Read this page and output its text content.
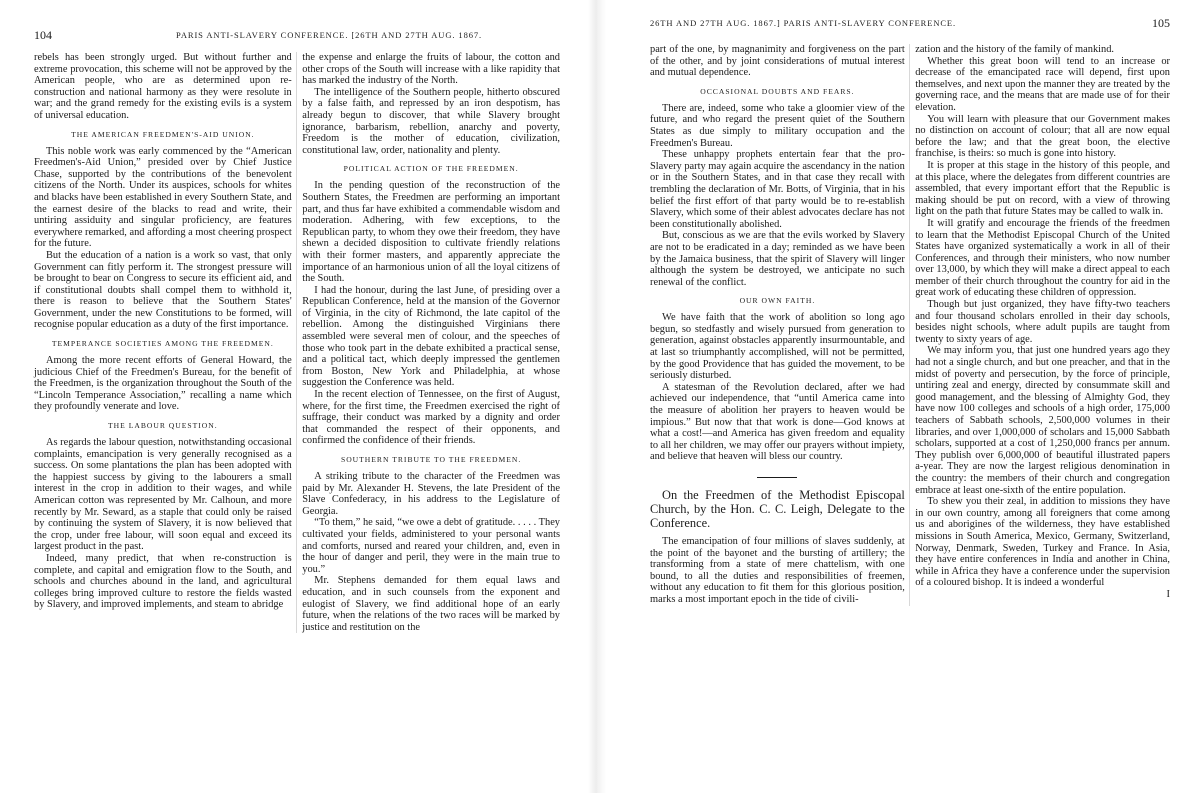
104	PARIS ANTI-SLAVERY CONFERENCE. [26TH AND 27TH AUG. 1867.

rebels has been strongly urged. But without further and extreme provocation, this scheme will not be approved by the American people, who are as determined upon re-construction and national harmony as they were resolute in war; and the grand remedy for the existing evils is a system of universal education.

THE AMERICAN FREEDMEN'S-AID UNION.

This noble work was early commenced by the “American Freedmen's-Aid Union,” presided over by Chief Justice Chase, supported by the contributions of the benevolent citizens of the North. Under its auspices, schools for whites and blacks have been established in every Southern State, and the earnest desire of the blacks to read and write, their untiring assiduity and singular proficiency, are features everywhere remarked, and affording a most cheering prospect for the future.

But the education of a nation is a work so vast, that only Government can fitly perform it. The strongest pressure will be brought to bear on Congress to secure its efficient aid, and if constitutional doubts shall compel them to withhold it, there is reason to believe that the Southern States' Government, under the new Constitutions to be formed, will recognise popular education as a duty of the first importance.

TEMPERANCE SOCIETIES AMONG THE FREEDMEN.

Among the more recent efforts of General Howard, the judicious Chief of the Freedmen's Bureau, for the benefit of the Freedmen, is the organization throughout the South of the “Lincoln Temperance Association,” recalling a name which they profoundly venerate and love.

THE LABOUR QUESTION.

As regards the labour question, notwithstanding occasional complaints, emancipation is very generally recognised as a success. On some plantations the plan has been adopted with the happiest success by giving to the labourers a small interest in the crop in addition to their wages, and while American cotton was represented by Mr. Calhoun, and more recently by Mr. Seward, as a staple that could only be raised by continuing the system of Slavery, it is now believed that the crop, under free labour, will soon equal and exceed its largest product in the past.

Indeed, many predict, that when re-construction is complete, and capital and emigration flow to the South, and schools and churches abound in the land, and agricultural colleges bring improved culture to restore the fields wasted by Slavery, and improved implements, and steam to abridge

the expense and enlarge the fruits of labour, the cotton and other crops of the South will increase with a like rapidity that has marked the industry of the North.

The intelligence of the Southern people, hitherto obscured by a false faith, and repressed by an iron despotism, has already begun to discover, that while Slavery brought ignorance, barbarism, rebellion, anarchy and poverty, Freedom is the mother of education, civilization, constitutional law, order, nationality and plenty.

POLITICAL ACTION OF THE FREEDMEN.

In the pending question of the reconstruction of the Southern States, the Freedmen are performing an important part, and thus far have exhibited a commendable wisdom and moderation. Adhering, with few exceptions, to the Republican party, to whom they owe their freedom, they have shewn a decided disposition to cultivate friendly relations with their former masters, and apparently appreciate the importance of an harmonious union of all the loyal citizens of the South.

I had the honour, during the last June, of presiding over a Republican Conference, held at the mansion of the Governor of Virginia, in the city of Richmond, the late capitol of the rebellion. Among the distinguished Virginians there assembled were several men of colour, and the speeches of those who took part in the debate exhibited a practical sense, and a political tact, which deeply impressed the gentlemen from Boston, New York and Philadelphia, at whose suggestion the Conference was held.

In the recent election of Tennessee, on the first of August, where, for the first time, the Freedmen exercised the right of suffrage, their conduct was marked by a dignity and order that commanded the respect of their opponents, and confirmed the confidence of their friends.

SOUTHERN TRIBUTE TO THE FREEDMEN.

A striking tribute to the character of the Freedmen was paid by Mr. Alexander H. Stevens, the late President of the Slave Confederacy, in his address to the Legislature of Georgia.

“To them,” he said, “we owe a debt of gratitude. . . . . They cultivated your fields, administered to your personal wants and comforts, nursed and reared your children, and, even in the hour of danger and peril, they were in the main true to you.”

Mr. Stephens demanded for them equal laws and education, and in such counsels from the exponent and eulogist of Slavery, we find additional hope of an early future, when the relations of the two races will be marked by justice and restitution on the

26TH AND 27TH AUG. 1867.] PARIS ANTI-SLAVERY CONFERENCE.	105

part of the one, by magnanimity and forgiveness on the part of the other, and by joint considerations of mutual interest and mutual dependence.

OCCASIONAL DOUBTS AND FEARS.

There are, indeed, some who take a gloomier view of the future, and who regard the present quiet of the Southern States as due simply to military occupation and the Freedmen's Bureau.

These unhappy prophets entertain fear that the pro-Slavery party may again acquire the ascendancy in the nation or in the Southern States, and in that case they recall with trembling the declaration of Mr. Botts, of Virginia, that in his belief the first effort of that party would be to re-establish Slavery, which some of their ablest advocates declare has not been constitutionally abolished.

But, conscious as we are that the evils worked by Slavery are not to be eradicated in a day; reminded as we have been by the Jamaica business, that the spirit of Slavery will linger although the system be destroyed, we anticipate no such renewal of the conflict.

OUR OWN FAITH.

We have faith that the work of abolition so long ago begun, so stedfastly and wisely pursued from generation to generation, against obstacles apparently insurmountable, and at last so triumphantly accomplished, will not be permitted, by the good Providence that has guided the movement, to be seriously disturbed.

A statesman of the Revolution declared, after we had achieved our independence, that “until America came into the measure of abolition her prayers to heaven would be impious.” But now that that work is done—God knows at what a cost!—and America has given freedom and equality to all her children, we may offer our prayers without impiety, and believe that heaven will bless our country.

On the Freedmen of the Methodist Episcopal Church, by the Hon. C. C. Leigh, Delegate to the Conference.

The emancipation of four millions of slaves suddenly, at the point of the bayonet and the bursting of artillery; the transforming from a state of mere chattelism, with one bound, to all the duties and responsibilities of freemen, without any education to fit them for this glorious position, marks a most important epoch in the tide of civili-

zation and the history of the family of mankind.

Whether this great boon will tend to an increase or decrease of the emancipated race will depend, first upon themselves, and next upon the manner they are treated by the governing race, and the means that are made use of for their elevation.

You will learn with pleasure that our Government makes no distinction on account of colour; that all are now equal before the law; and that the great boon, the elective franchise, is theirs: so much is gone into history.

It is proper at this stage in the history of this people, and at this place, where the delegates from different countries are assembled, that every important effort that the Republic is making should be put on record, with a view of throwing light on the path that future States may be called to walk in.

It will gratify and encourage the friends of the freedmen to learn that the Methodist Episcopal Church of the United States have organized systematically a work in all of their Conferences, and through their ministers, who now number over 13,000, by which they will make a direct appeal to each member of their church throughout the country for aid in the great work of educating these children of oppression.

Though but just organized, they have fifty-two teachers and four thousand scholars enrolled in their day schools, besides night schools, where adult pupils are taught from twenty to sixty years of age.

We may inform you, that just one hundred years ago they had not a single church, and but one preacher, and that in the midst of poverty and persecution, by the force of principle, untiring zeal and energy, directed by consummate skill and good management, and the blessing of Almighty God, they have now 100 colleges and schools of a high order, 175,000 teachers of Sabbath schools, 2,500,000 volumes in their libraries, and over 1,000,000 of scholars and 15,000 Sabbath scholars, supported at a cost of 1,250,000 francs per annum. They publish over 6,000,000 of beautiful illustrated papers a-year. They are now the largest religious denomination in the country: the members of their church and congregation embrace at least one-sixth of the entire population.

To shew you their zeal, in addition to missions they have in our own country, among all foreigners that come among us and aborigines of the wilderness, they have established missions in South America, Mexico, Germany, Switzerland, Norway, Denmark, Sweden, Turkey and France. In Asia, they have entire conferences in India and another in China, while in Africa they have a conference under the supervision of a coloured bishop. It is indeed a wonderful

I
